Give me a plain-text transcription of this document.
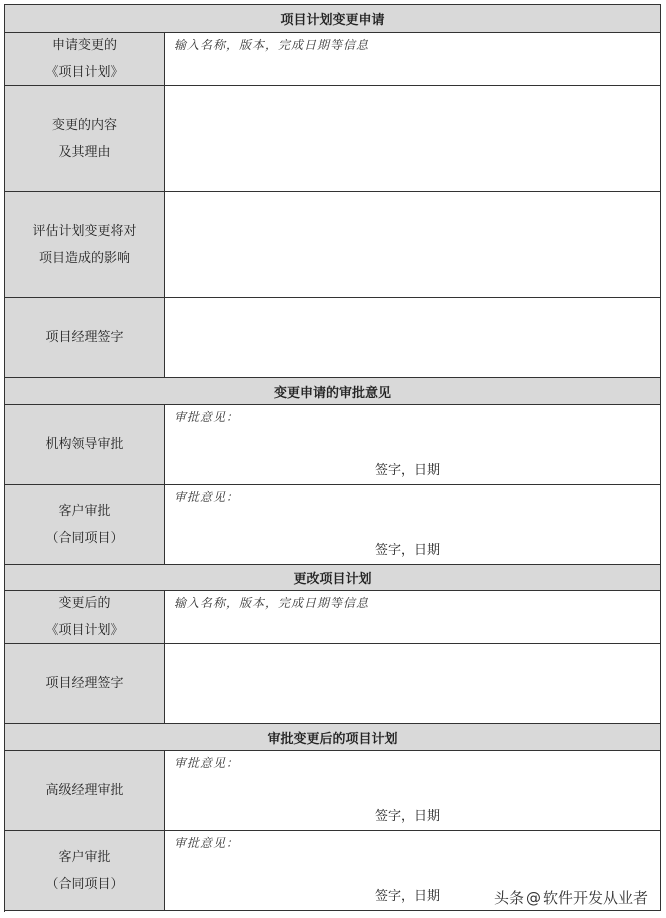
项目计划变更申请
申请变更的
《项目计划》
输入名称，版本，完成日期等信息
变更的内容
及其理由
评估计划变更将对
项目造成的影响
项目经理签字
变更申请的审批意见
机构领导审批
审批意见：
签字，日期
客户审批
（合同项目）
审批意见：
签字，日期
更改项目计划
变更后的
《项目计划》
输入名称，版本，完成日期等信息
项目经理签字
审批变更后的项目计划
高级经理审批
审批意见：
签字，日期
客户审批
（合同项目）
审批意见：
签字，日期	头条 @ 软件开发从业者
